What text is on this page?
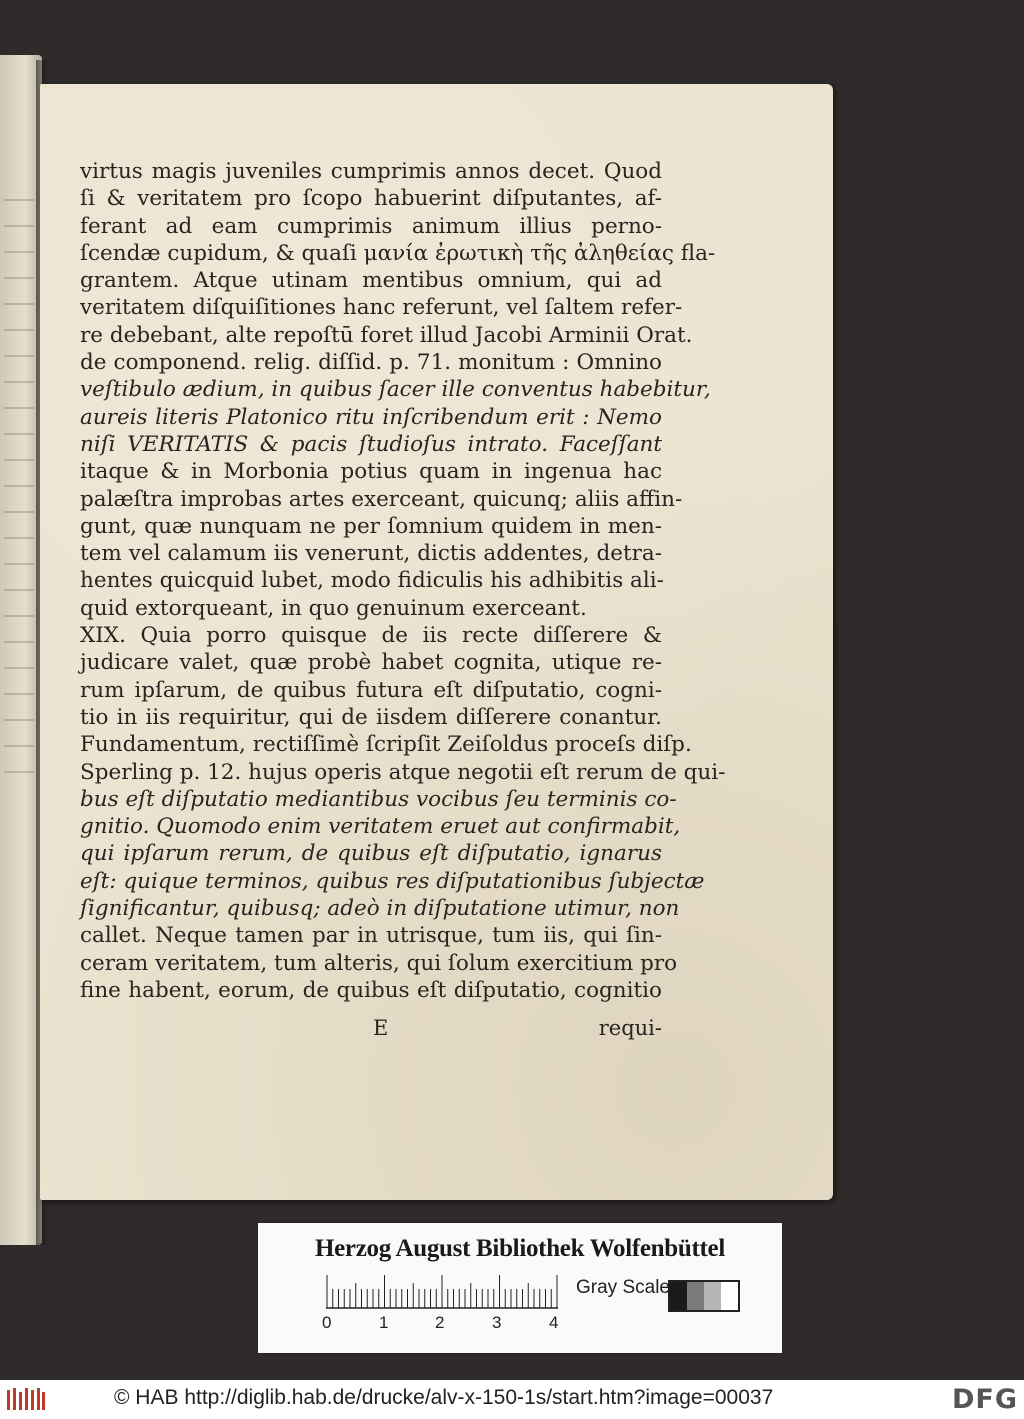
virtus magis juveniles cumprimis annos decet. Quod
ſi & veritatem pro ſcopo habuerint diſputantes, af-
ferant ad eam cumprimis animum illius perno-
ſcendæ cupidum, & quaſi μανία ἐρωτικὴ τῆς ἀληθείας fla-
grantem. Atque utinam mentibus omnium, qui ad
veritatem diſquiſitiones hanc referunt, vel ſaltem refer-
re debebant, alte repoſtū foret illud Jacobi Arminii Orat.
de componend. relig. diſſid. p. 71. monitum : Omnino
veſtibulo ædium, in quibus ſacer ille conventus habebitur,
aureis literis Platonico ritu inſcribendum erit : Nemo
niſi VERITATIS & pacis ſtudioſus intrato. Faceſſant
itaque & in Morbonia potius quam in ingenua hac
palæſtra improbas artes exerceant, quicunq; aliis affin-
gunt, quæ nunquam ne per ſomnium quidem in men-
tem vel calamum iis venerunt, dictis addentes, detra-
hentes quicquid lubet, modo fidiculis his adhibitis ali-
quid extorqueant, in quo genuinum exerceant.
XIX. Quia porro quisque de iis recte diſſerere &
judicare valet, quæ probè habet cognita, utique re-
rum ipſarum, de quibus futura eſt diſputatio, cogni-
tio in iis requiritur, qui de iisdem diſſerere conantur.
Fundamentum, rectiſſimè ſcripſit Zeiſoldus proceſs diſp.
Sperling p. 12. hujus operis atque negotii eſt rerum de qui-
bus eſt diſputatio mediantibus vocibus ſeu terminis co-
gnitio. Quomodo enim veritatem eruet aut confirmabit,
qui ipſarum rerum, de quibus eſt diſputatio, ignarus
eſt: quique terminos, quibus res diſputationibus ſubjectæ
ſignificantur, quibusq; adeò in diſputatione utimur, non
callet. Neque tamen par in utrisque, tum iis, qui ſin-
ceram veritatem, tum alteris, qui ſolum exercitium pro
fine habent, eorum, de quibus eſt diſputatio, cognitio
E	requi-
Herzog August Bibliothek Wolfenbüttel
0	1	2	3	4
Gray Scale
© HAB http://diglib.hab.de/drucke/alv-x-150-1s/start.htm?image=00037	DFG
